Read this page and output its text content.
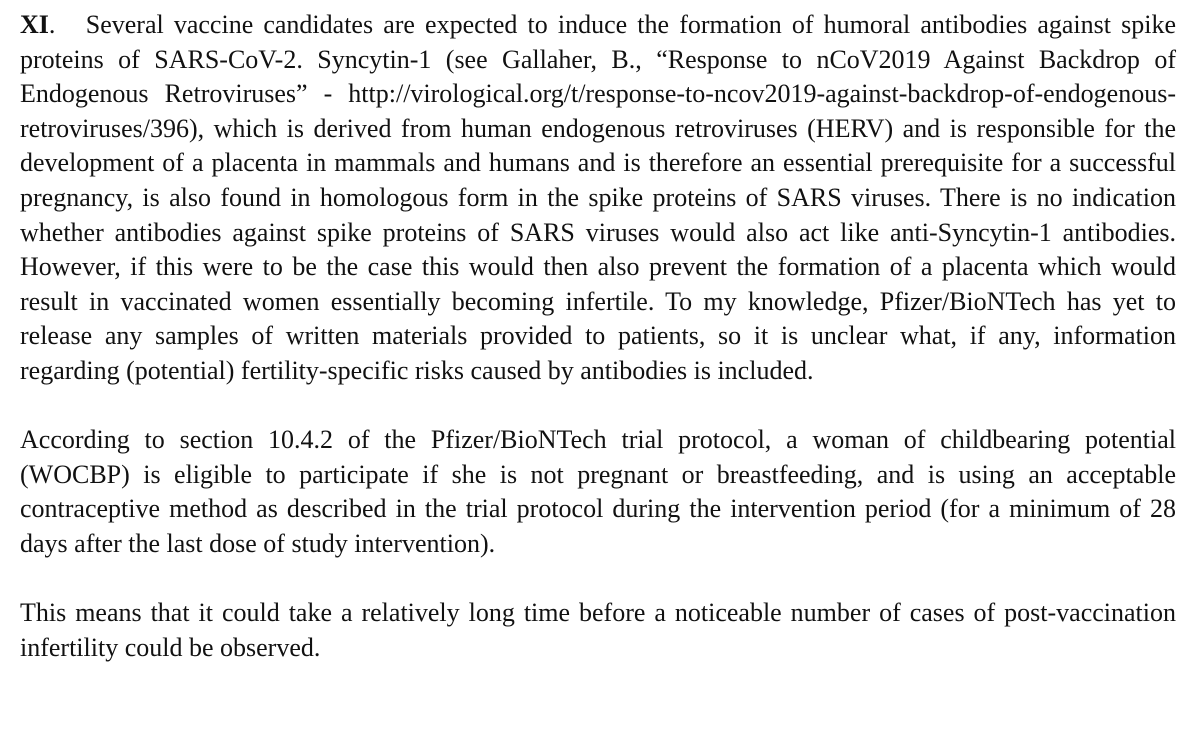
XI.   Several vaccine candidates are expected to induce the formation of humoral antibodies against spike proteins of SARS-CoV-2. Syncytin-1 (see Gallaher, B., “Response to nCoV2019 Against Backdrop of Endogenous Retroviruses” - http://virological.org/t/response-to-ncov2019-against-backdrop-of-endogenous-retroviruses/396), which is derived from human endogenous retroviruses (HERV) and is responsible for the development of a placenta in mammals and humans and is therefore an essential prerequisite for a successful pregnancy, is also found in homologous form in the spike proteins of SARS viruses. There is no indication whether antibodies against spike proteins of SARS viruses would also act like anti-Syncytin-1 antibodies. However, if this were to be the case this would then also prevent the formation of a placenta which would result in vaccinated women essentially becoming infertile. To my knowledge, Pfizer/BioNTech has yet to release any samples of written materials provided to patients, so it is unclear what, if any, information regarding (potential) fertility-specific risks caused by antibodies is included.

According to section 10.4.2 of the Pfizer/BioNTech trial protocol, a woman of childbearing potential (WOCBP) is eligible to participate if she is not pregnant or breastfeeding, and is using an acceptable contraceptive method as described in the trial protocol during the intervention period (for a minimum of 28 days after the last dose of study intervention).

This means that it could take a relatively long time before a noticeable number of cases of post-vaccination infertility could be observed.
